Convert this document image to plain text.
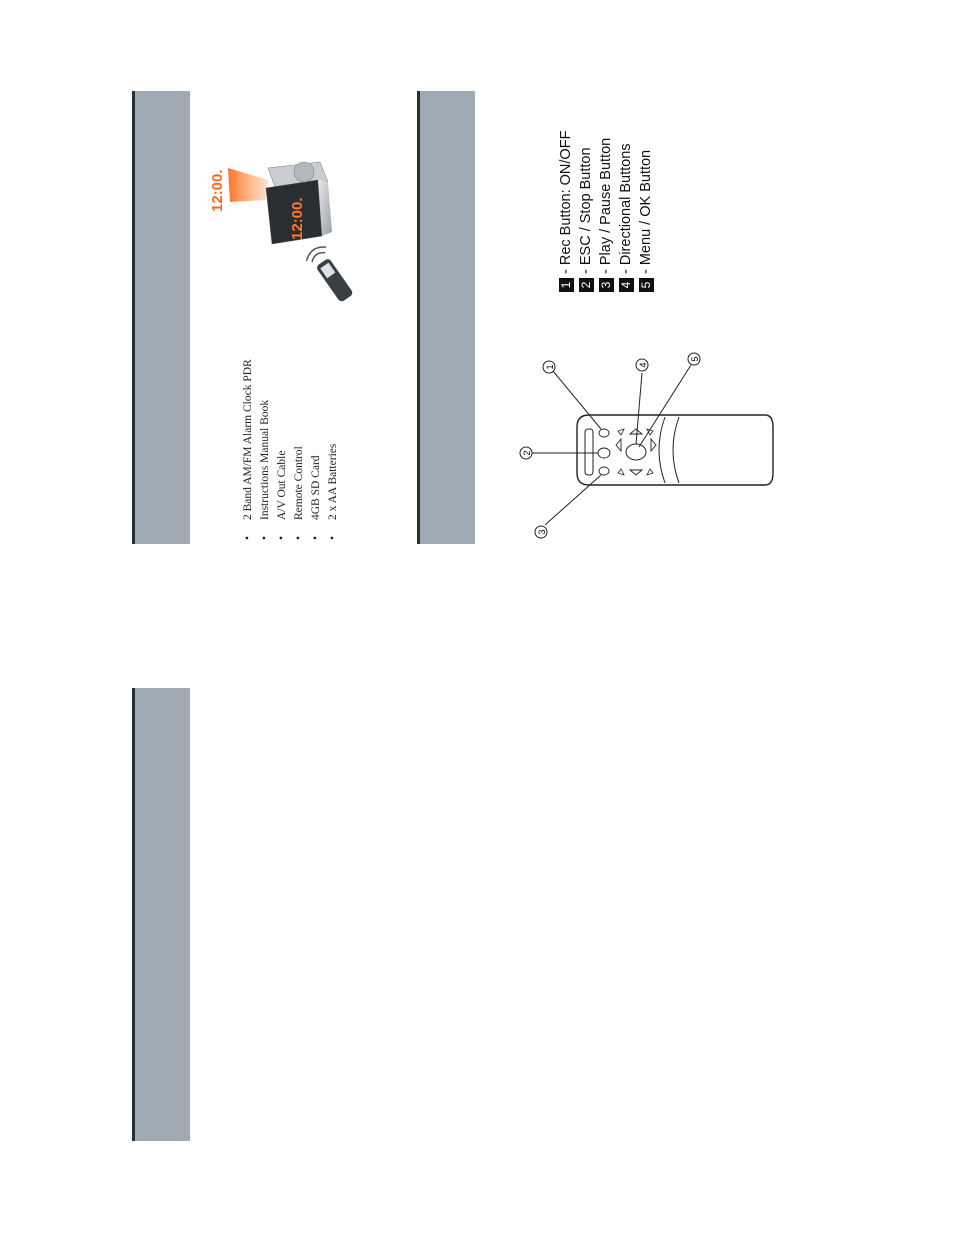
•2 Band AM/FM Alarm Clock PDR
•Instructions Manual Book
•A/V Out Cable
•Remote Control
•4GB SD Card
•2 x AA Batteries
12:00.
12:00.
1
2
3
4
5
1- Rec Button: ON/OFF
2- ESC / Stop Button
3- Play / Pause Button
4- Directional Buttons
5- Menu / OK Button
